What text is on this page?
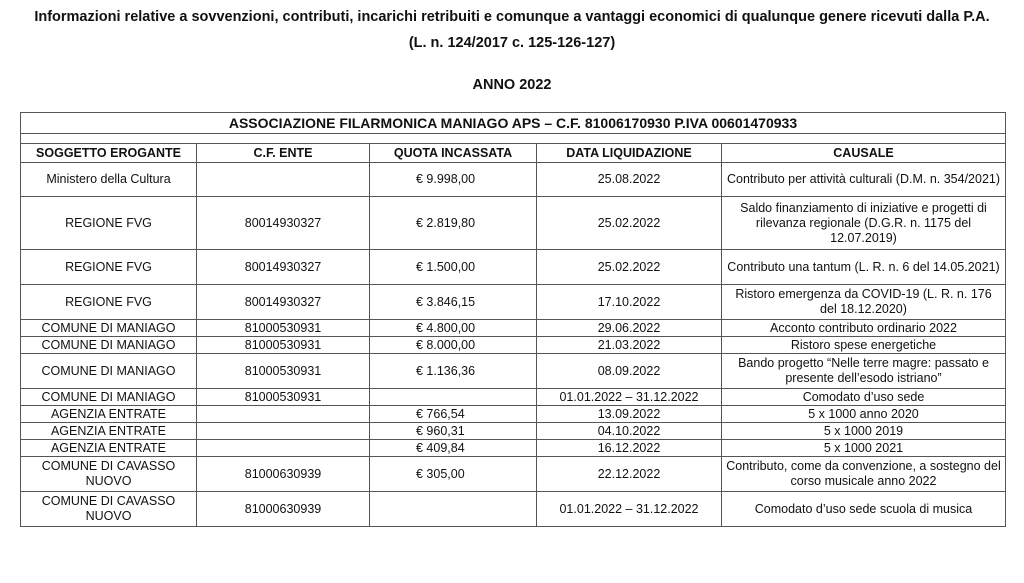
Informazioni relative a sovvenzioni, contributi, incarichi retribuiti e comunque a vantaggi economici di qualunque genere ricevuti dalla P.A.
(L. n. 124/2017 c. 125-126-127)
ANNO 2022
ASSOCIAZIONE FILARMONICA MANIAGO APS – C.F. 81006170930 P.IVA 00601470933				

SOGGETTO EROGANTE	C.F. ENTE	QUOTA INCASSATA	DATA LIQUIDAZIONE	CAUSALE
Ministero della Cultura		€ 9.998,00	25.08.2022	Contributo per attività culturali (D.M. n. 354/2021)
REGIONE FVG	80014930327	€ 2.819,80	25.02.2022	Saldo finanziamento di iniziative e progetti di rilevanza regionale (D.G.R. n. 1175 del 12.07.2019)
REGIONE FVG	80014930327	€ 1.500,00	25.02.2022	Contributo una tantum (L. R. n. 6 del 14.05.2021)
REGIONE FVG	80014930327	€ 3.846,15	17.10.2022	Ristoro emergenza da COVID-19 (L. R. n. 176 del 18.12.2020)
COMUNE DI MANIAGO	81000530931	€ 4.800,00	29.06.2022	Acconto contributo ordinario 2022
COMUNE DI MANIAGO	81000530931	€ 8.000,00	21.03.2022	Ristoro spese energetiche
COMUNE DI MANIAGO	81000530931	€ 1.136,36	08.09.2022	Bando progetto “Nelle terre magre: passato e presente dell’esodo istriano”
COMUNE DI MANIAGO	81000530931		01.01.2022 – 31.12.2022	Comodato d’uso sede
AGENZIA ENTRATE		€ 766,54	13.09.2022	5 x 1000 anno 2020
AGENZIA ENTRATE		€ 960,31	04.10.2022	5 x 1000 2019
AGENZIA ENTRATE		€ 409,84	16.12.2022	5 x 1000 2021
COMUNE DI CAVASSO NUOVO	81000630939	€ 305,00	22.12.2022	Contributo, come da convenzione, a sostegno del corso musicale anno 2022
COMUNE DI CAVASSO NUOVO	81000630939		01.01.2022 – 31.12.2022	Comodato d’uso sede scuola di musica
